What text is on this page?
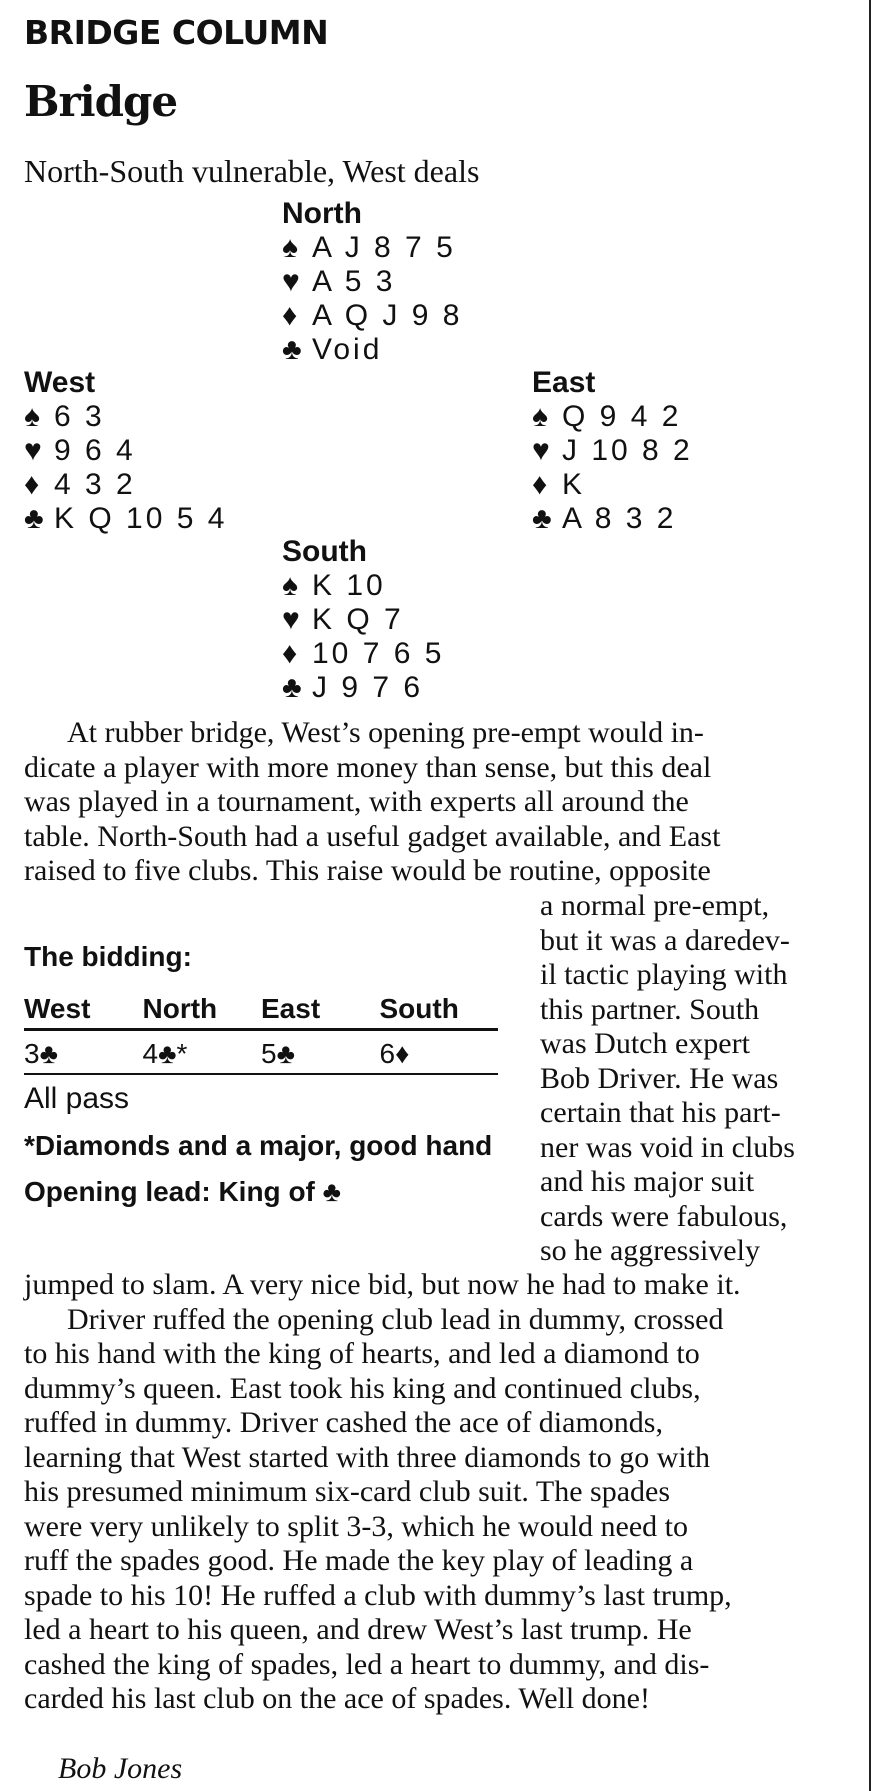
BRIDGE COLUMN
Bridge
North-South vulnerable, West deals
North
♠ A J 8 7 5
♥ A 5 3
♦ A Q J 9 8
♣ Void
West
♠ 6 3
♥ 9 6 4
♦ 4 3 2
♣ K Q 10 5 4
East
♠ Q 9 4 2
♥ J 10 8 2
♦ K
♣ A 8 3 2
South
♠ K 10
♥ K Q 7
♦ 10 7 6 5
♣ J 9 7 6
At rubber bridge, West’s opening pre-empt would in-
dicate a player with more money than sense, but this deal
was played in a tournament, with experts all around the
table. North-South had a useful gadget available, and East
raised to five clubs. This raise would be routine, opposite
a normal pre-empt,
but it was a daredev-
il tactic playing with
this partner. South
was Dutch expert
Bob Driver. He was
certain that his part-
ner was void in clubs
and his major suit
cards were fabulous,
so he aggressively
The bidding:
West	North	East	South
3♣	4♣*	5♣	6♦
All pass
*Diamonds and a major, good hand
Opening lead: King of ♣
jumped to slam. A very nice bid, but now he had to make it.
Driver ruffed the opening club lead in dummy, crossed
to his hand with the king of hearts, and led a diamond to
dummy’s queen. East took his king and continued clubs,
ruffed in dummy. Driver cashed the ace of diamonds,
learning that West started with three diamonds to go with
his presumed minimum six-card club suit. The spades
were very unlikely to split 3-3, which he would need to
ruff the spades good. He made the key play of leading a
spade to his 10! He ruffed a club with dummy’s last trump,
led a heart to his queen, and drew West’s last trump. He
cashed the king of spades, led a heart to dummy, and dis-
carded his last club on the ace of spades. Well done!
Bob Jones
